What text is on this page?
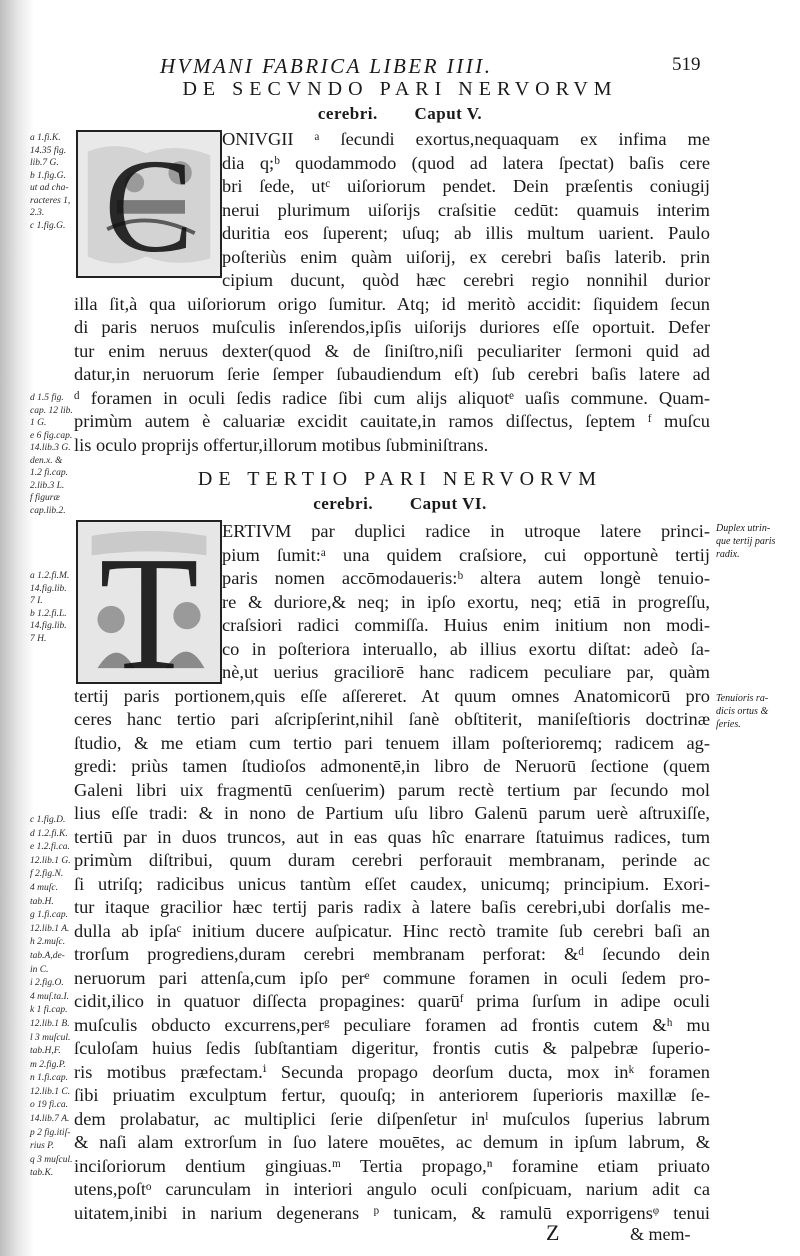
HVMANI FABRICA LIBER IIII.	519
DE SECVNDO PARI NERVORVM
cerebri. Caput V.
C ONIVGII ᵃ ſecundi exortus,nequaquam ex infima me

dia q;ᵇ quodammodo (quod ad latera ſpectat) baſis cere

bri ſede, utᶜ uiſoriorum pendet. Dein præſentis coniugij

nerui plurimum uiſorijs craſsitie cedūt: quamuis interim

duritia eos ſuperent; uſuq; ab illis multum uarient. Paulo

poſteriùs enim quàm uiſorij, ex cerebri baſis laterib. prin

cipium ducunt, quòd hæc cerebri regio nonnihil durior

illa ſit,à qua uiſoriorum origo ſumitur. Atq; id meritò accidit: ſiquidem ſecun

di paris neruos muſculis inſerendos,ipſis uiſorijs duriores eſſe oportuit. Defer

tur enim neruus dexter(quod & de ſiniſtro,niſi peculiariter ſermoni quid ad

datur,in neruorum ſerie ſemper ſubaudiendum eſt) ſub cerebri baſis latere ad

ᵈ foramen in oculi ſedis radice ſibi cum alijs aliquotᵉ uaſis commune. Quam-

primùm autem è caluariæ excidit cauitate,in ramos diſſectus, ſeptem ᶠ muſcu

lis oculo proprijs offertur,illorum motibus ſubminiſtrans.

DE TERTIO PARI NERVORVM
cerebri. Caput VI.
T ERTIVM par duplici radice in utroque latere princi-

pium ſumit:ᵃ una quidem craſsiore, cui opportunè tertij

paris nomen accōmodaueris:ᵇ altera autem longè tenuio-

re & duriore,& neq; in ipſo exortu, neq; etiā in progreſſu,

craſsiori radici commiſſa. Huius enim initium non modi-

co in poſteriora interuallo, ab illius exortu diſtat: adeò ſa-

nè,ut uerius graciliorē hanc radicem peculiare par, quàm

tertij paris portionem,quis eſſe aſſereret. At quum omnes Anatomicorū pro

ceres hanc tertio pari aſcripſerint,nihil ſanè obſtiterit, maniſeſtioris doctrinæ

ſtudio, & me etiam cum tertio pari tenuem illam poſterioremq; radicem ag-

gredi: priùs tamen ſtudioſos admonentē,in libro de Neruorū ſectione (quem

Galeni libri uix fragmentū cenſuerim) parum rectè tertium par ſecundo mol

lius eſſe tradi: & in nono de Partium uſu libro Galenū parum uerè aſtruxiſſe,

tertiū par in duos truncos, aut in eas quas hîc enarrare ſtatuimus radices, tum

primùm diſtribui, quum duram cerebri perforauit membranam, perinde ac

ſi utriſq; radicibus unicus tantùm eſſet caudex, unicumq; principium. Exori-

tur itaque gracilior hæc tertij paris radix à latere baſis cerebri,ubi dorſalis me-

dulla ab ipſaᶜ initium ducere auſpicatur. Hinc rectò tramite ſub cerebri baſi an

trorſum progrediens,duram cerebri membranam perforat: &ᵈ ſecundo dein

neruorum pari attenſa,cum ipſo perᵉ commune foramen in oculi ſedem pro-

cidit,ilico in quatuor diſſecta propagines: quarūᶠ prima ſurſum in adipe oculi

muſculis obducto excurrens,perᵍ peculiare foramen ad frontis cutem &ʰ mu

ſculoſam huius ſedis ſubſtantiam digeritur, frontis cutis & palpebræ ſuperio-

ris motibus præfectam.ⁱ Secunda propago deorſum ducta, mox inᵏ foramen

ſibi priuatim exculptum fertur, quouſq; in anteriorem ſuperioris maxillæ ſe-

dem prolabatur, ac multiplici ſerie diſpenſetur inˡ muſculos ſuperius labrum

& naſi alam extrorſum in ſuo latere mouētes, ac demum in ipſum labrum, &

inciſoriorum dentium gingiuas.ᵐ Tertia propago,ⁿ foramine etiam priuato

utens,poſtᵒ carunculam in interiori angulo oculi conſpicuam, narium adit ca

uitatem,inibi in narium degenerans ᵖ tunicam, & ramulū exporrigensᵠ tenui

a 1.fi.K.
14.35 fig.
lib.7 G.
b 1.fig.G.
ut ad cha-
racteres 1,
2.3.
c 1.fig.G.
d 1.5 fig.
cap. 12 lib.
1 G.
e 6 fig.cap.
14.lib.3 G.
den.x. &
1.2 fi.cap.
2.lib.3 L.
f figuræ
cap.lib.2.
a 1.2.fi.M.
14.fig.lib.
7 I.
b 1.2.fi.L.
14.fig.lib.
7 H.
c 1.fig.D.
d 1.2.fi.K.
e 1.2.fi.ca.
12.lib.1 G.
f 2.fig.N.
4 muſc.
tab.H.
g 1.fi.cap.
12.lib.1 A.
h 2.muſc.
tab.A,de-
in C.
i 2.fig.O.
4 muſ.ta.I.
k 1 fi.cap.
12.lib.1 B.
l 3 muſcul.
tab.H,F.
m 2.fig.P.
n 1.fi.cap.
12.lib.1 C.
o 19 fi.ca.
14.lib.7 A.
p 2 fig.itiſ-
rius P.
q 3 muſcul.
tab.K.
Duplex utrin-
que tertij paris
radix.
Tenuioris ra-
dicis ortus &
ſeries.
Z	& mem-
